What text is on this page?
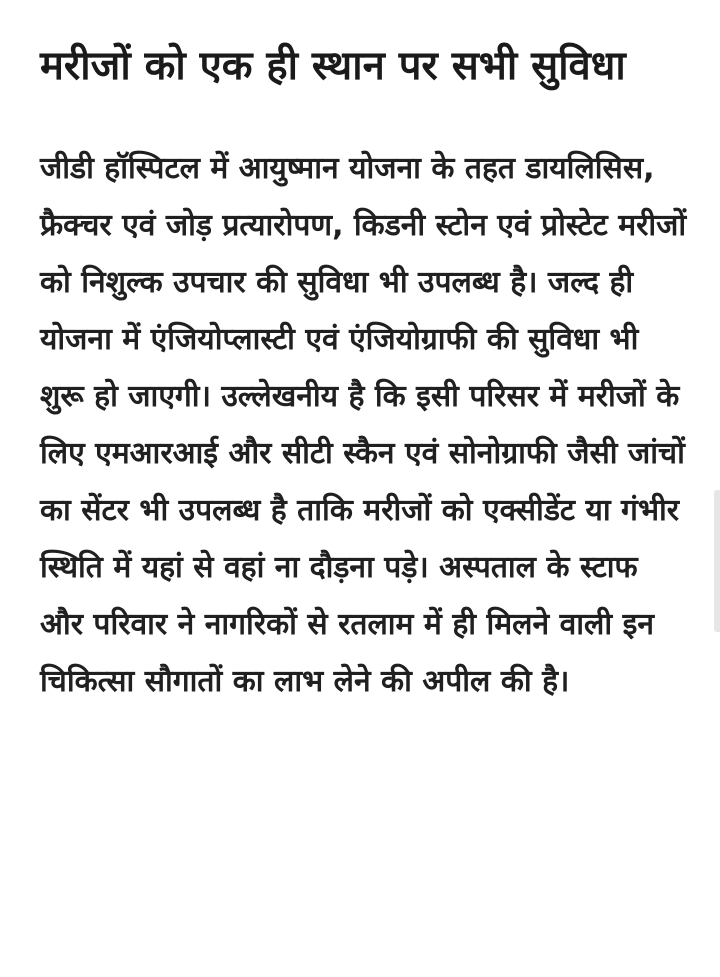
मरीजों को एक ही स्थान पर सभी सुविधा

जीडी हॉस्पिटल में आयुष्मान योजना के तहत डायलिसिस, फ्रैक्चर एवं जोड़ प्रत्यारोपण, किडनी स्टोन एवं प्रोस्टेट मरीजों को निशुल्क उपचार की सुविधा भी उपलब्ध है। जल्द ही योजना में एंजियोप्लास्टी एवं एंजियोग्राफी की सुविधा भी शुरू हो जाएगी। उल्लेखनीय है कि इसी परिसर में मरीजों के लिए एमआरआई और सीटी स्कैन एवं सोनोग्राफी जैसी जांचों का सेंटर भी उपलब्ध है ताकि मरीजों को एक्सीडेंट या गंभीर स्थिति में यहां से वहां ना दौड़ना पड़े। अस्पताल के स्टाफ और परिवार ने नागरिकों से रतलाम में ही मिलने वाली इन चिकित्सा सौगातों का लाभ लेने की अपील की है।
